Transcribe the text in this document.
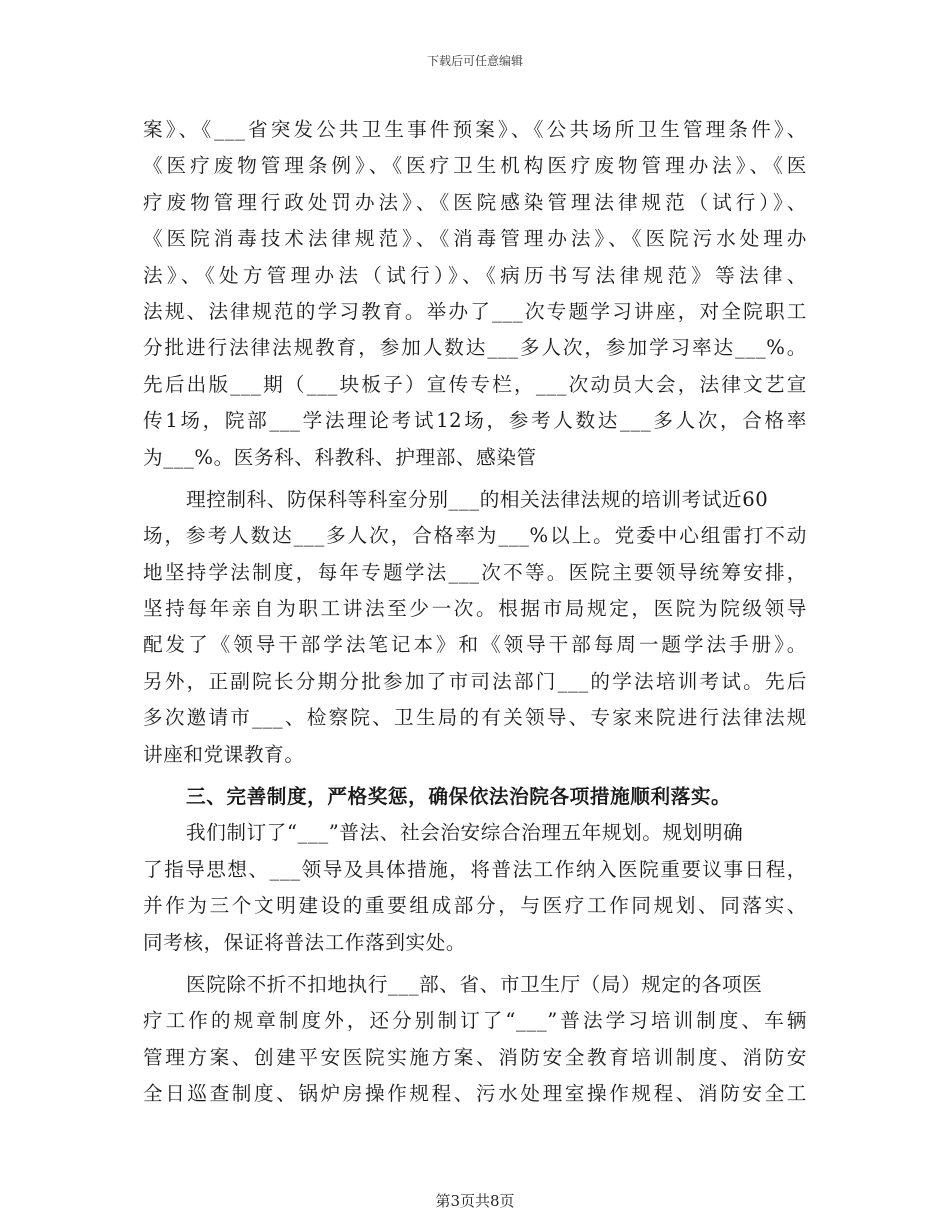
下载后可任意编辑
案》、《___省突发公共卫生事件预案》、《公共场所卫生管理条件》、
《医疗废物管理条例》、《医疗卫生机构医疗废物管理办法》、《医
疗废物管理行政处罚办法》、《医院感染管理法律规范（试行）》、
《医院消毒技术法律规范》、《消毒管理办法》、《医院污水处理办
法》、《处方管理办法（试行）》、《病历书写法律规范》等法律、
法规、法律规范的学习教育。举办了___次专题学习讲座，对全院职工
分批进行法律法规教育，参加人数达___多人次，参加学习率达___%。
先后出版___期（___块板子）宣传专栏，___次动员大会，法律文艺宣
传1场，院部___学法理论考试12场，参考人数达___多人次，合格率
为___%。医务科、科教科、护理部、感染管
理控制科、防保科等科室分别___的相关法律法规的培训考试近60
场，参考人数达___多人次，合格率为___%以上。党委中心组雷打不动
地坚持学法制度，每年专题学法___次不等。医院主要领导统筹安排，
坚持每年亲自为职工讲法至少一次。根据市局规定，医院为院级领导
配发了《领导干部学法笔记本》和《领导干部每周一题学法手册》。
另外，正副院长分期分批参加了市司法部门___的学法培训考试。先后
多次邀请市___、检察院、卫生局的有关领导、专家来院进行法律法规
讲座和党课教育。
三、完善制度，严格奖惩，确保依法治院各项措施顺利落实。
我们制订了“___”普法、社会治安综合治理五年规划。规划明确
了指导思想、___领导及具体措施，将普法工作纳入医院重要议事日程，
并作为三个文明建设的重要组成部分，与医疗工作同规划、同落实、
同考核，保证将普法工作落到实处。
医院除不折不扣地执行___部、省、市卫生厅（局）规定的各项医
疗工作的规章制度外，还分别制订了“___”普法学习培训制度、车辆
管理方案、创建平安医院实施方案、消防安全教育培训制度、消防安
全日巡查制度、锅炉房操作规程、污水处理室操作规程、消防安全工
第3页共8页
